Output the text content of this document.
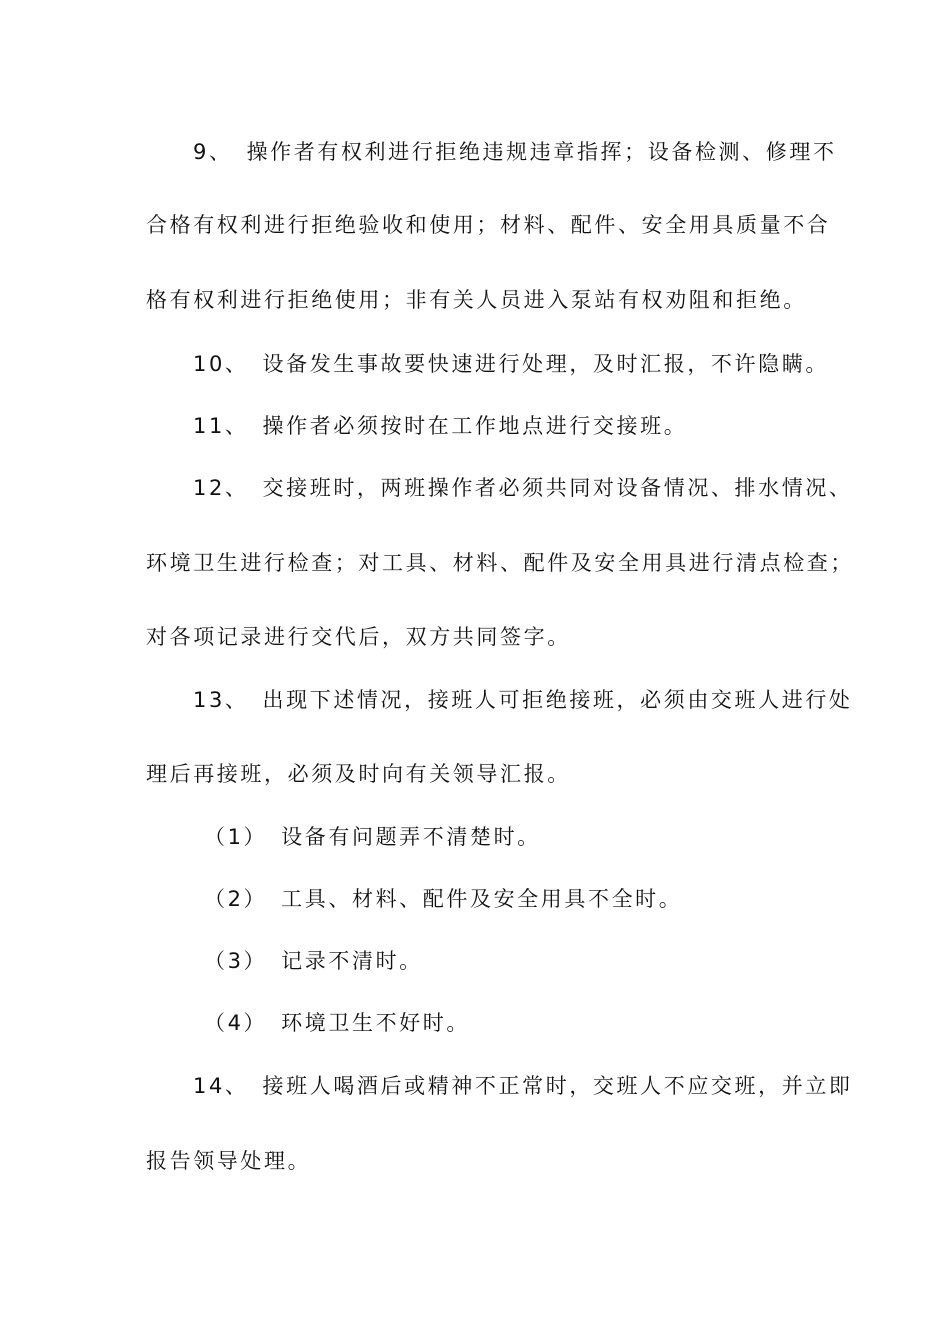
9、 操作者有权利进行拒绝违规违章指挥；设备检测、修理不
合格有权利进行拒绝验收和使用；材料、配件、安全用具质量不合
格有权利进行拒绝使用；非有关人员进入泵站有权劝阻和拒绝。
10、 设备发生事故要快速进行处理，及时汇报，不许隐瞒。
11、 操作者必须按时在工作地点进行交接班。
12、 交接班时，两班操作者必须共同对设备情况、排水情况、
环境卫生进行检查；对工具、材料、配件及安全用具进行清点检查；
对各项记录进行交代后，双方共同签字。
13、 出现下述情况，接班人可拒绝接班，必须由交班人进行处
理后再接班，必须及时向有关领导汇报。
（1） 设备有问题弄不清楚时。
（2） 工具、材料、配件及安全用具不全时。
（3） 记录不清时。
（4） 环境卫生不好时。
14、 接班人喝酒后或精神不正常时，交班人不应交班，并立即
报告领导处理。
